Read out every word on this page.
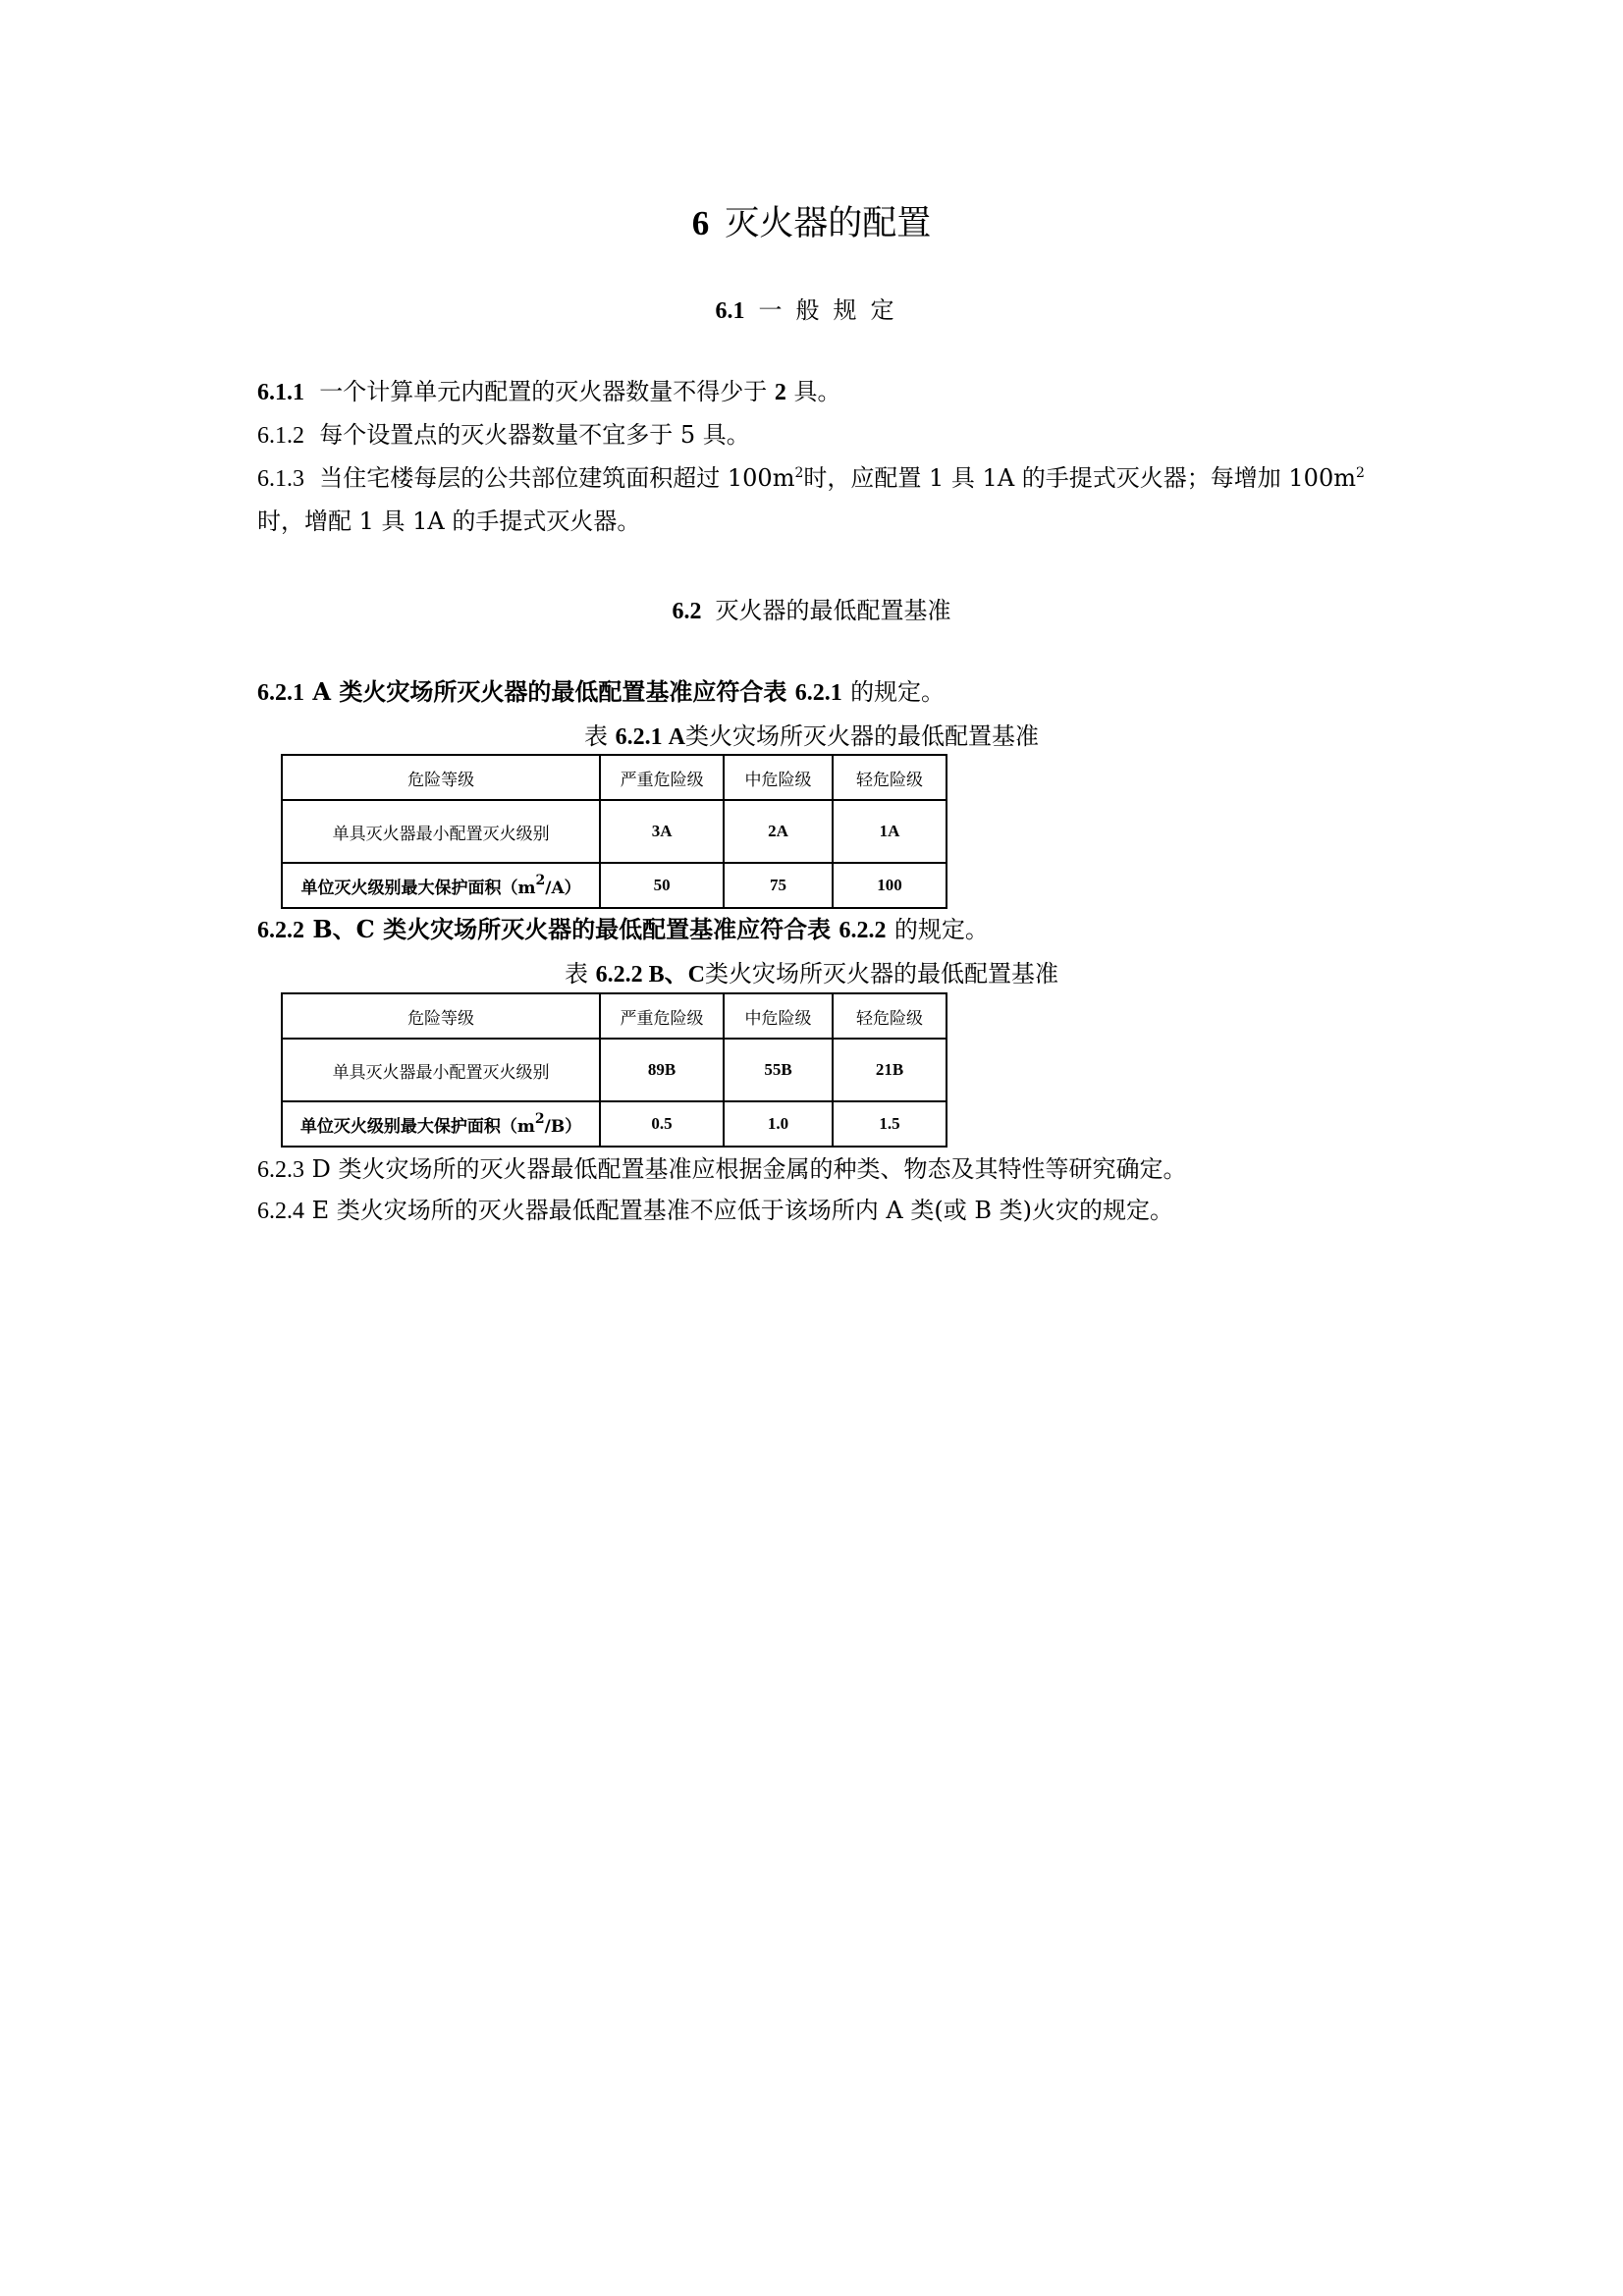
6 灭火器的配置
6.1 一般规定
6.1.1 一个计算单元内配置的灭火器数量不得少于 2 具。
6.1.2 每个设置点的灭火器数量不宜多于 5 具。
6.1.3 当住宅楼每层的公共部位建筑面积超过 $100m^2$时，应配置 1 具 1A 的手提式灭火器；每增加 $100m^2$
时，增配 1 具 1A 的手提式灭火器。
6.2 灭火器的最低配置基准
6.2.1 A 类火灾场所灭火器的最低配置基准应符合表 6.2.1 的规定。
表 6.2.1 A类火灾场所灭火器的最低配置基准
危险等级	严重危险级	中危险级	轻危险级
单具灭火器最小配置灭火级别	3A	2A	1A
单位灭火级别最大保护面积$(m^2/A)$	50	75	100
6.2.2 B、C 类火灾场所灭火器的最低配置基准应符合表 6.2.2 的规定。
表 6.2.2 B、C类火灾场所灭火器的最低配置基准
危险等级	严重危险级	中危险级	轻危险级
单具灭火器最小配置灭火级别	89B	55B	21B
单位灭火级别最大保护面积$(m^2/B)$	0.5	1.0	1.5
6.2.3 D 类火灾场所的灭火器最低配置基准应根据金属的种类、物态及其特性等研究确定。
6.2.4 E 类火灾场所的灭火器最低配置基准不应低于该场所内 A 类(或 B 类)火灾的规定。
